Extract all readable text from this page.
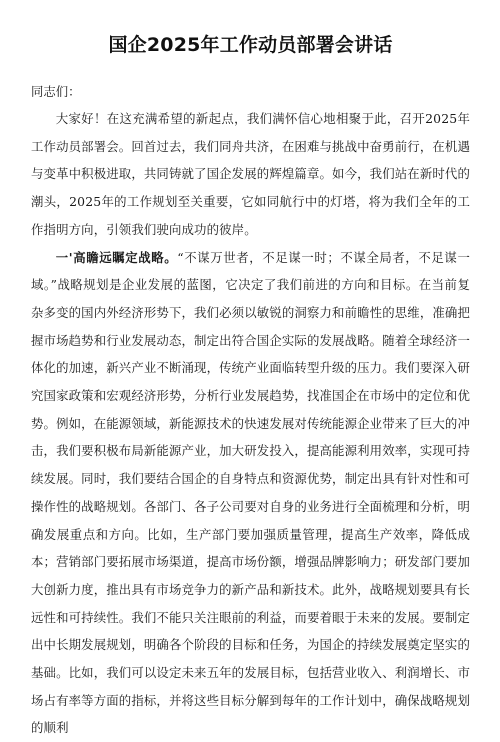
国企2025年工作动员部署会讲话

同志们：

大家好！在这充满希望的新起点，我们满怀信心地相聚于此，召开2025年工作动员部署会。回首过去，我们同舟共济，在困难与挑战中奋勇前行，在机遇与变革中积极进取，共同铸就了国企发展的辉煌篇章。如今，我们站在新时代的潮头，2025年的工作规划至关重要，它如同航行中的灯塔，将为我们全年的工作指明方向，引领我们驶向成功的彼岸。

一'高瞻远瞩定战略。“不谋万世者，不足谋一时；不谋全局者，不足谋一域。”战略规划是企业发展的蓝图，它决定了我们前进的方向和目标。在当前复杂多变的国内外经济形势下，我们必须以敏锐的洞察力和前瞻性的思维，准确把握市场趋势和行业发展动态，制定出符合国企实际的发展战略。随着全球经济一体化的加速，新兴产业不断涌现，传统产业面临转型升级的压力。我们要深入研究国家政策和宏观经济形势，分析行业发展趋势，找准国企在市场中的定位和优势。例如，在能源领域，新能源技术的快速发展对传统能源企业带来了巨大的冲击，我们要积极布局新能源产业，加大研发投入，提高能源利用效率，实现可持续发展。同时，我们要结合国企的自身特点和资源优势，制定出具有针对性和可操作性的战略规划。各部门、各子公司要对自身的业务进行全面梳理和分析，明确发展重点和方向。比如，生产部门要加强质量管理，提高生产效率，降低成本；营销部门要拓展市场渠道，提高市场份额，增强品牌影响力；研发部门要加大创新力度，推出具有市场竞争力的新产品和新技术。此外，战略规划要具有长远性和可持续性。我们不能只关注眼前的利益，而要着眼于未来的发展。要制定出中长期发展规划，明确各个阶段的目标和任务，为国企的持续发展奠定坚实的基础。比如，我们可以设定未来五年的发展目标，包括营业收入、利润增长、市场占有率等方面的指标，并将这些目标分解到每年的工作计划中，确保战略规划的顺利
